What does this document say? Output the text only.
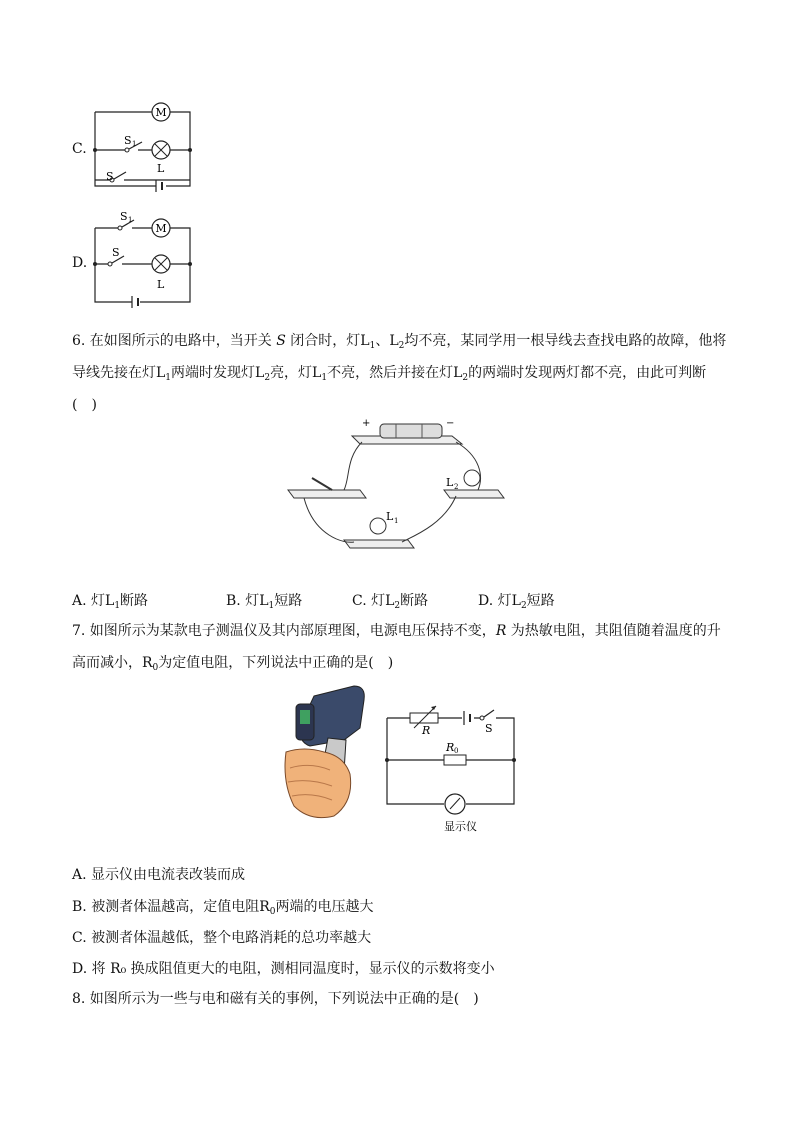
C.
M
S 1
S
L
D.
S 1
M
S
L
6. 在如图所示的电路中，当开关 S 闭合时，灯$L_1$、$L_2$均不亮，某同学用一根导线去查找电路的故障，他将
导线先接在灯$L_1$两端时发现灯$L_2$亮，灯$L_1$不亮，然后并接在灯$L_2$的两端时发现两灯都不亮，由此可判断
(　)
+	−
L 2
L 1
A. 灯$L_1$断路	B. 灯$L_1$短路	C. 灯$L_2$断路	D. 灯$L_2$短路
7. 如图所示为某款电子测温仪及其内部原理图，电源电压保持不变，R 为热敏电阻，其阻值随着温度的升
高而减小，$R_0$为定值电阻，下列说法中正确的是(　)
R	S
R 0
显示仪
A. 显示仪由电流表改装而成
B. 被测者体温越高，定值电阻$R_0$两端的电压越大
C. 被测者体温越低，整个电路消耗的总功率越大
D. 将 R₀ 换成阻值更大的电阻，测相同温度时，显示仪的示数将变小
8. 如图所示为一些与电和磁有关的事例，下列说法中正确的是(　)
